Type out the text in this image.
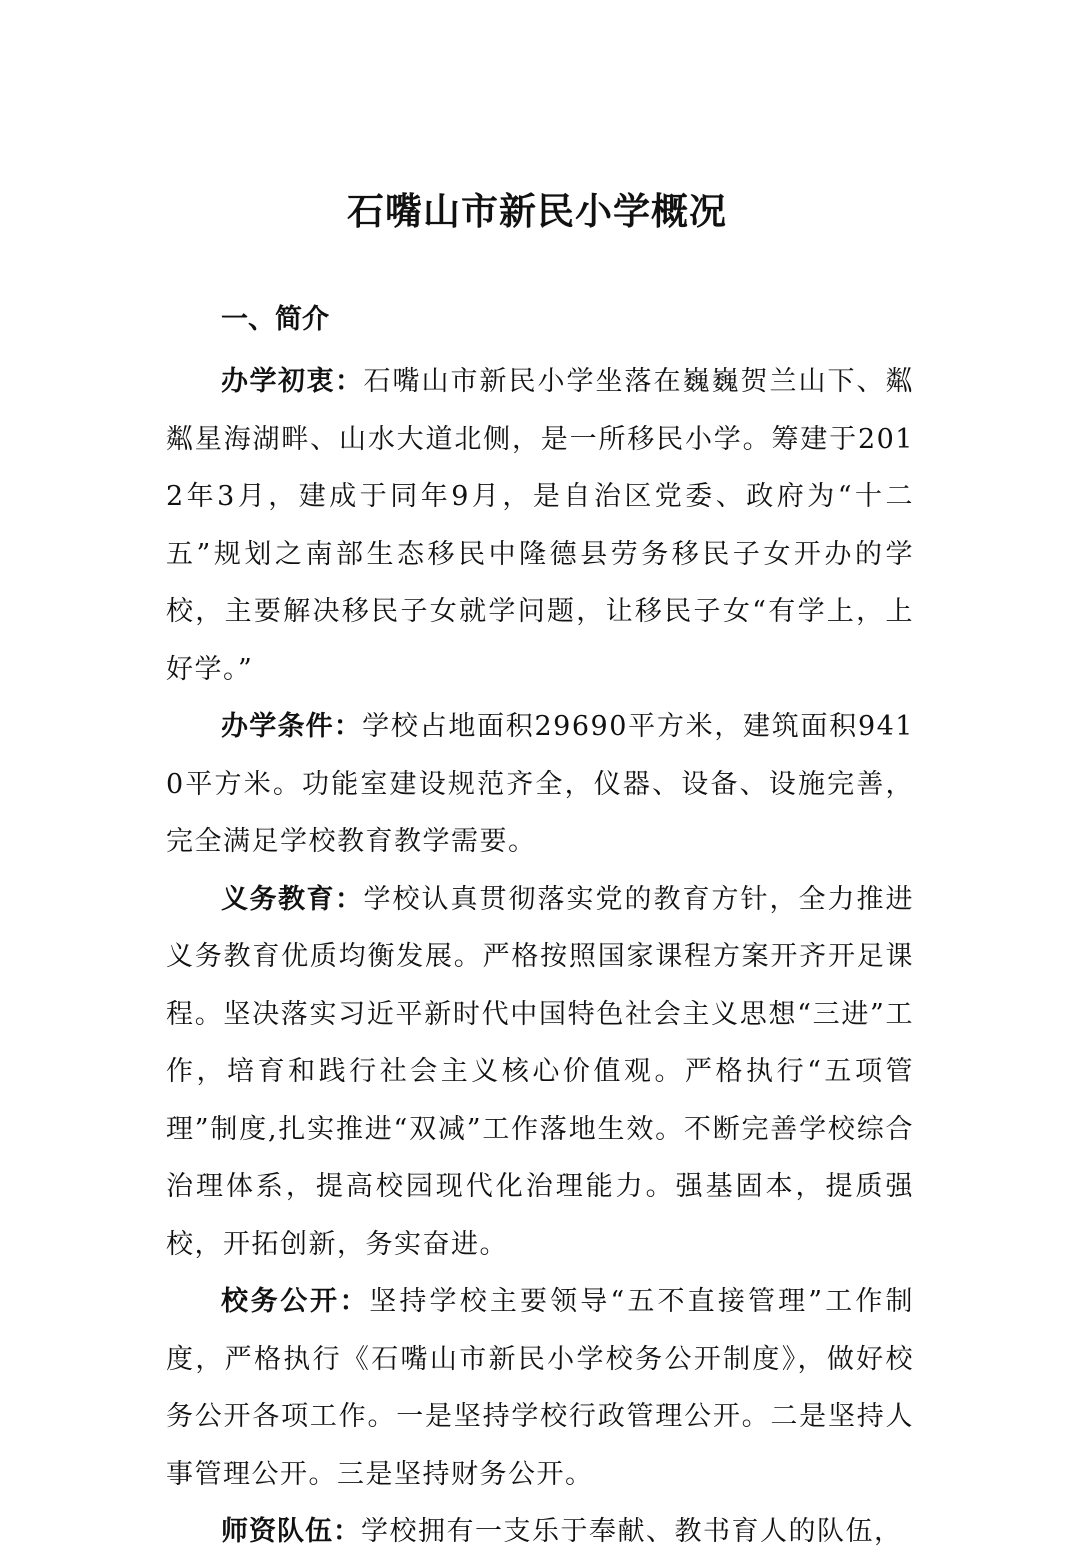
石嘴山市新民小学概况
一、简介

办学初衷：石嘴山市新民小学坐落在巍巍贺兰山下、粼粼星海湖畔、山水大道北侧，是一所移民小学。筹建于2012年3月，建成于同年9月，是自治区党委、政府为“十二五”规划之南部生态移民中隆德县劳务移民子女开办的学校，主要解决移民子女就学问题，让移民子女“有学上，上好学。”

办学条件：学校占地面积29690平方米，建筑面积9410平方米。功能室建设规范齐全，仪器、设备、设施完善，完全满足学校教育教学需要。

义务教育：学校认真贯彻落实党的教育方针，全力推进义务教育优质均衡发展。严格按照国家课程方案开齐开足课程。坚决落实习近平新时代中国特色社会主义思想“三进”工作，培育和践行社会主义核心价值观。严格执行“五项管理”制度,扎实推进“双减”工作落地生效。不断完善学校综合治理体系，提高校园现代化治理能力。强基固本，提质强校，开拓创新，务实奋进。

校务公开：坚持学校主要领导“五不直接管理”工作制度，严格执行《石嘴山市新民小学校务公开制度》，做好校务公开各项工作。一是坚持学校行政管理公开。二是坚持人事管理公开。三是坚持财务公开。

师资队伍：学校拥有一支乐于奉献、教书育人的队伍，
